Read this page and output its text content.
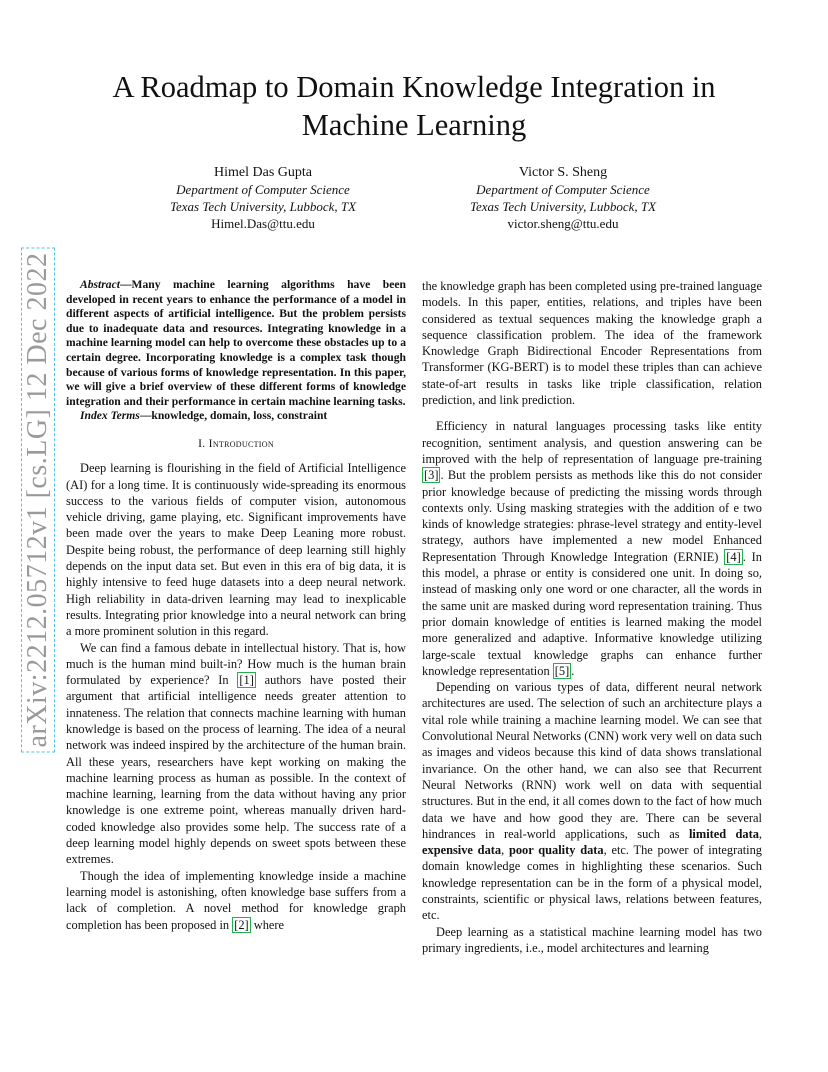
arXiv:2212.05712v1 [cs.LG] 12 Dec 2022
A Roadmap to Domain Knowledge Integration in Machine Learning
Himel Das Gupta
Department of Computer Science
Texas Tech University, Lubbock, TX
Himel.Das@ttu.edu
Victor S. Sheng
Department of Computer Science
Texas Tech University, Lubbock, TX
victor.sheng@ttu.edu

Abstract—Many machine learning algorithms have been developed in recent years to enhance the performance of a model in different aspects of artificial intelligence. But the problem persists due to inadequate data and resources. Integrating knowledge in a machine learning model can help to overcome these obstacles up to a certain degree. Incorporating knowledge is a complex task though because of various forms of knowledge representation. In this paper, we will give a brief overview of these different forms of knowledge integration and their performance in certain machine learning tasks.

Index Terms—knowledge, domain, loss, constraint

I. Introduction

Deep learning is flourishing in the field of Artificial Intelligence (AI) for a long time. It is continuously wide-spreading its enormous success to the various fields of computer vision, autonomous vehicle driving, game playing, etc. Significant improvements have been made over the years to make Deep Leaning more robust. Despite being robust, the performance of deep learning still highly depends on the input data set. But even in this era of big data, it is highly intensive to feed huge datasets into a deep neural network. High reliability in data-driven learning may lead to inexplicable results. Integrating prior knowledge into a neural network can bring a more prominent solution in this regard.

We can find a famous debate in intellectual history. That is, how much is the human mind built-in? How much is the human brain formulated by experience? In [1] authors have posted their argument that artificial intelligence needs greater attention to innateness. The relation that connects machine learning with human knowledge is based on the process of learning. The idea of a neural network was indeed inspired by the architecture of the human brain. All these years, researchers have kept working on making the machine learning process as human as possible. In the context of machine learning, learning from the data without having any prior knowledge is one extreme point, whereas manually driven hard-coded knowledge also provides some help. The success rate of a deep learning model highly depends on sweet spots between these extremes.

Though the idea of implementing knowledge inside a machine learning model is astonishing, often knowledge base suffers from a lack of completion. A novel method for knowledge graph completion has been proposed in [2] where

the knowledge graph has been completed using pre-trained language models. In this paper, entities, relations, and triples have been considered as textual sequences making the knowledge graph a sequence classification problem. The idea of the framework Knowledge Graph Bidirectional Encoder Representations from Transformer (KG-BERT) is to model these triples than can achieve state-of-art results in tasks like triple classification, relation prediction, and link prediction.

Efficiency in natural languages processing tasks like entity recognition, sentiment analysis, and question answering can be improved with the help of representation of language pre-training [3] . But the problem persists as methods like this do not consider prior knowledge because of predicting the missing words through contexts only. Using masking strategies with the addition of e two kinds of knowledge strategies: phrase-level strategy and entity-level strategy, authors have implemented a new model Enhanced Representation Through Knowledge Integration (ERNIE) [4] . In this model, a phrase or entity is considered one unit. In doing so, instead of masking only one word or one character, all the words in the same unit are masked during word representation training. Thus prior domain knowledge of entities is learned making the model more generalized and adaptive. Informative knowledge utilizing large-scale textual knowledge graphs can enhance further knowledge representation [5] .

Depending on various types of data, different neural network architectures are used. The selection of such an architecture plays a vital role while training a machine learning model. We can see that Convolutional Neural Networks (CNN) work very well on data such as images and videos because this kind of data shows translational invariance. On the other hand, we can also see that Recurrent Neural Networks (RNN) work well on data with sequential structures. But in the end, it all comes down to the fact of how much data we have and how good they are. There can be several hindrances in real-world applications, such as limited data, expensive data, poor quality data, etc. The power of integrating domain knowledge comes in highlighting these scenarios. Such knowledge representation can be in the form of a physical model, constraints, scientific or physical laws, relations between features, etc.

Deep learning as a statistical machine learning model has two primary ingredients, i.e., model architectures and learning
